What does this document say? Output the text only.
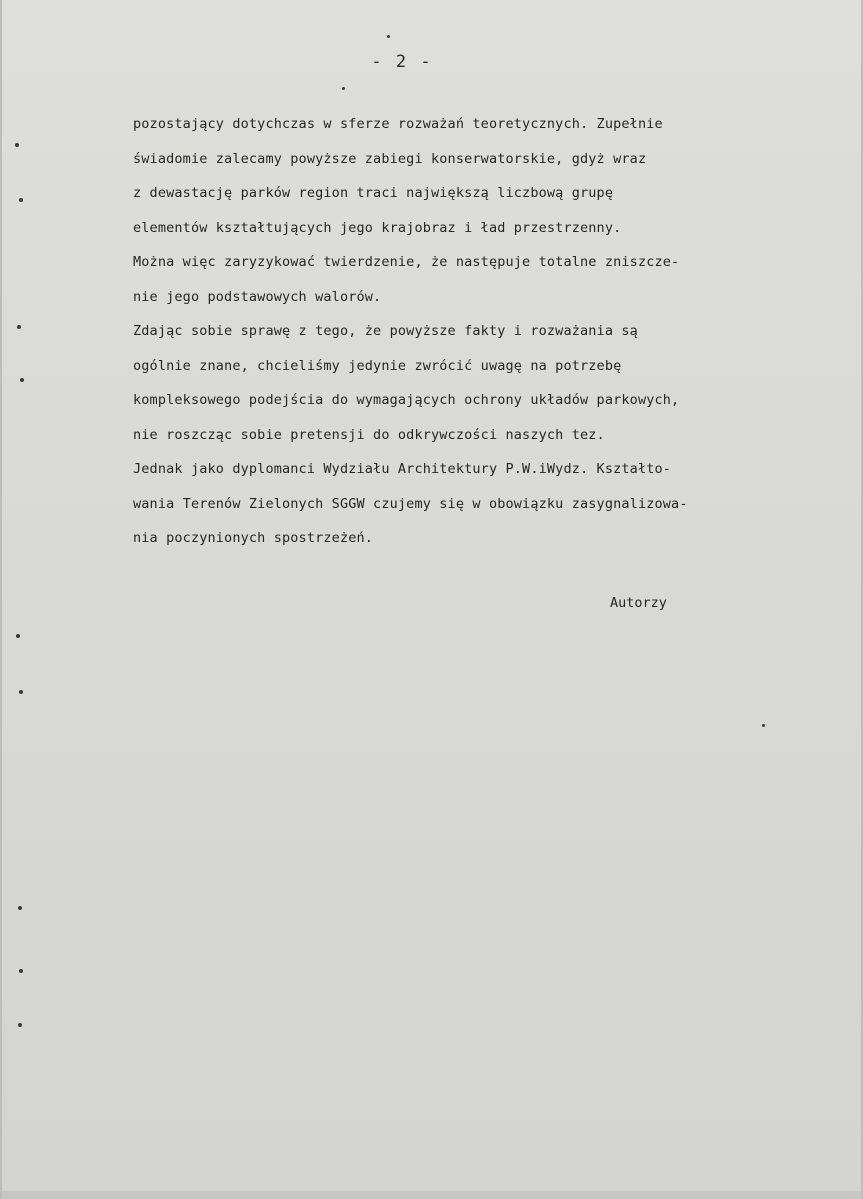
- 2 -
pozostający dotychczas w sferze rozważań teoretycznych. Zupełnie
świadomie zalecamy powyższe zabiegi konserwatorskie, gdyż wraz
z dewastację parków region traci największą liczbową grupę
elementów kształtujących jego krajobraz i ład przestrzenny.
Można więc zaryzykować twierdzenie, że następuje totalne zniszcze-
nie jego podstawowych walorów.
Zdając sobie sprawę z tego, że powyższe fakty i rozważania są
ogólnie znane, chcieliśmy jedynie zwrócić uwagę na potrzebę
kompleksowego podejścia do wymagających ochrony układów parkowych,
nie roszcząc sobie pretensji do odkrywczości naszych tez.
Jednak jako dyplomanci Wydziału Architektury P.W.iWydz. Kształto-
wania Terenów Zielonych SGGW czujemy się w obowiązku zasygnalizowa-
nia poczynionych spostrzeżeń.
Autorzy
